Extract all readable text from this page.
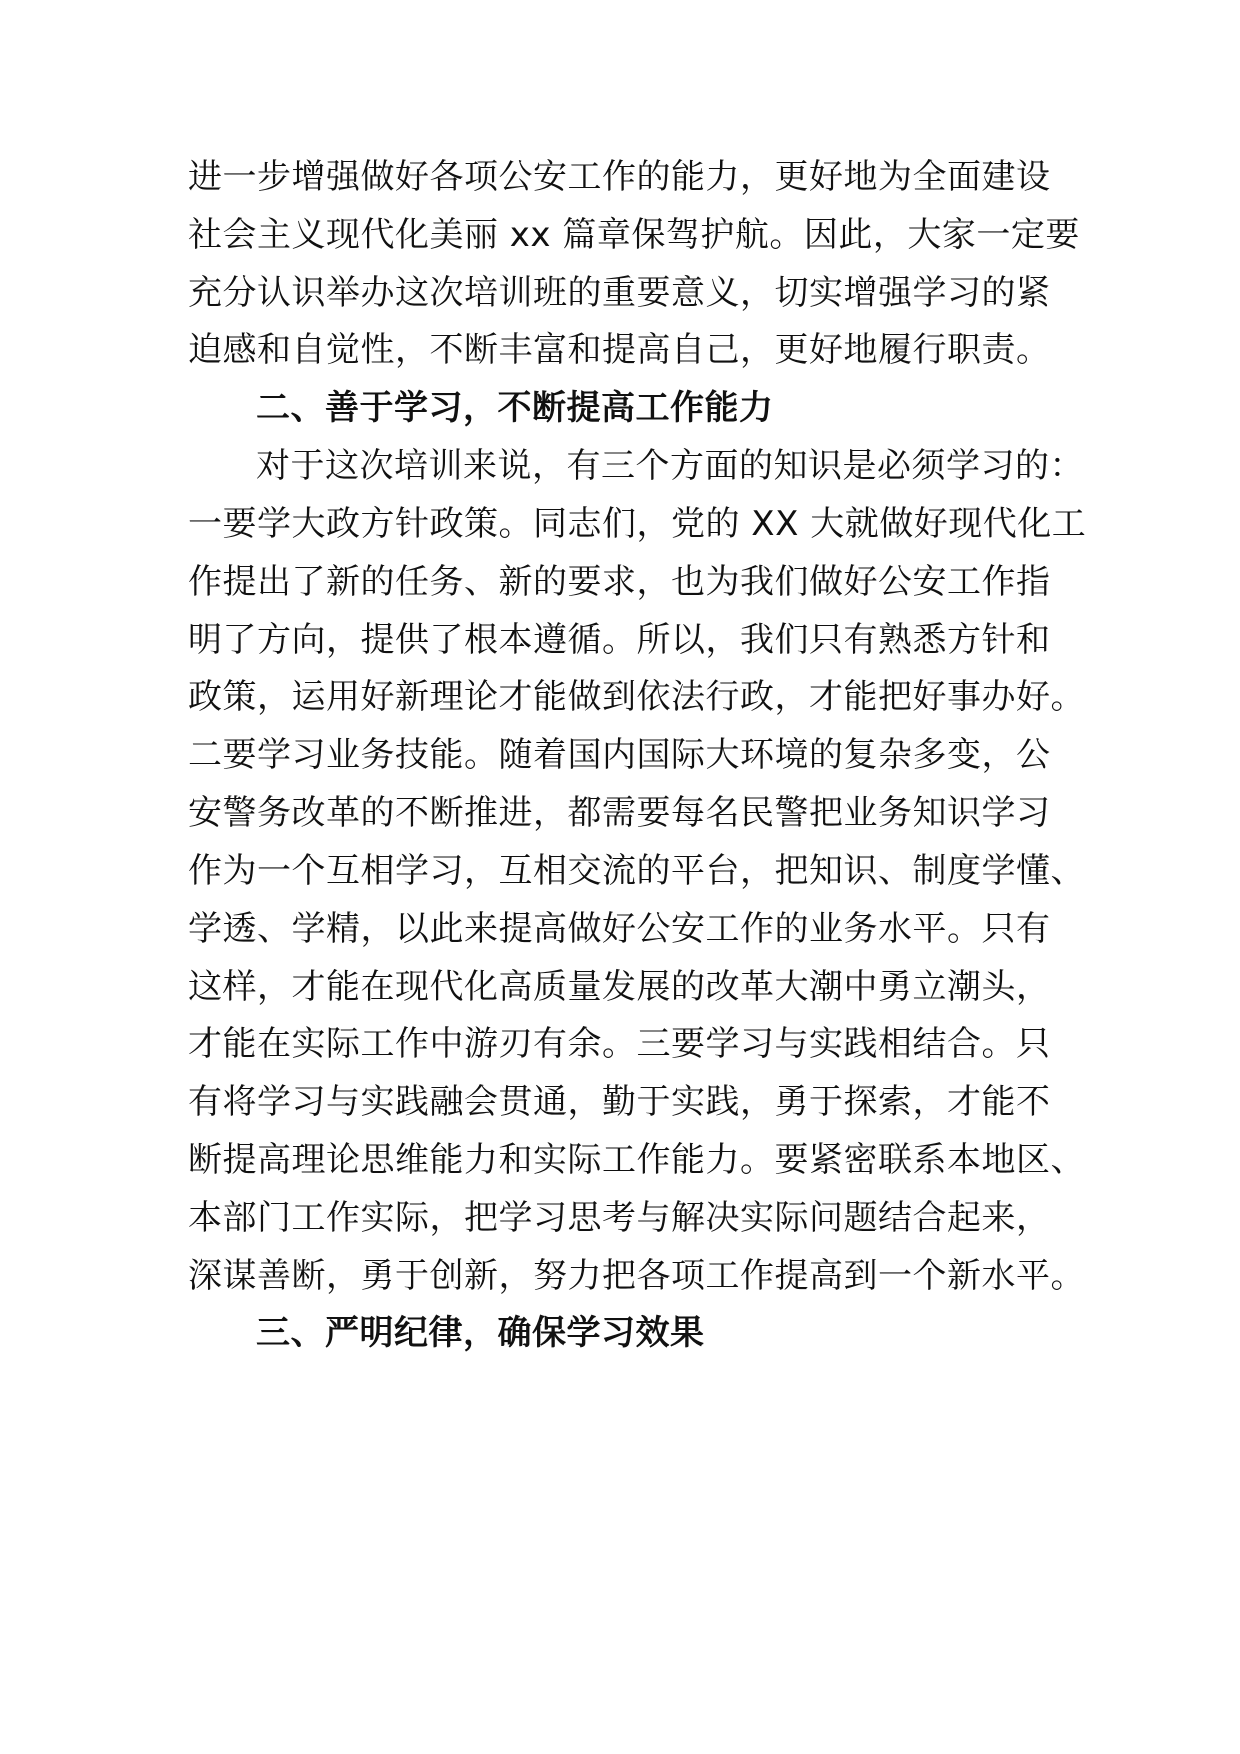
进一步增强做好各项公安工作的能力，更好地为全面建设
社会主义现代化美丽 xx 篇章保驾护航。因此，大家一定要
充分认识举办这次培训班的重要意义，切实增强学习的紧
迫感和自觉性，不断丰富和提高自己，更好地履行职责。
二、善于学习，不断提高工作能力
对于这次培训来说，有三个方面的知识是必须学习的：
一要学大政方针政策。同志们，党的 XX 大就做好现代化工
作提出了新的任务、新的要求，也为我们做好公安工作指
明了方向，提供了根本遵循。所以，我们只有熟悉方针和
政策，运用好新理论才能做到依法行政，才能把好事办好。
二要学习业务技能。随着国内国际大环境的复杂多变，公
安警务改革的不断推进，都需要每名民警把业务知识学习
作为一个互相学习，互相交流的平台，把知识、制度学懂、
学透、学精，以此来提高做好公安工作的业务水平。只有
这样，才能在现代化高质量发展的改革大潮中勇立潮头，
才能在实际工作中游刃有余。三要学习与实践相结合。只
有将学习与实践融会贯通，勤于实践，勇于探索，才能不
断提高理论思维能力和实际工作能力。要紧密联系本地区、
本部门工作实际，把学习思考与解决实际问题结合起来，
深谋善断，勇于创新，努力把各项工作提高到一个新水平。
三、严明纪律，确保学习效果
